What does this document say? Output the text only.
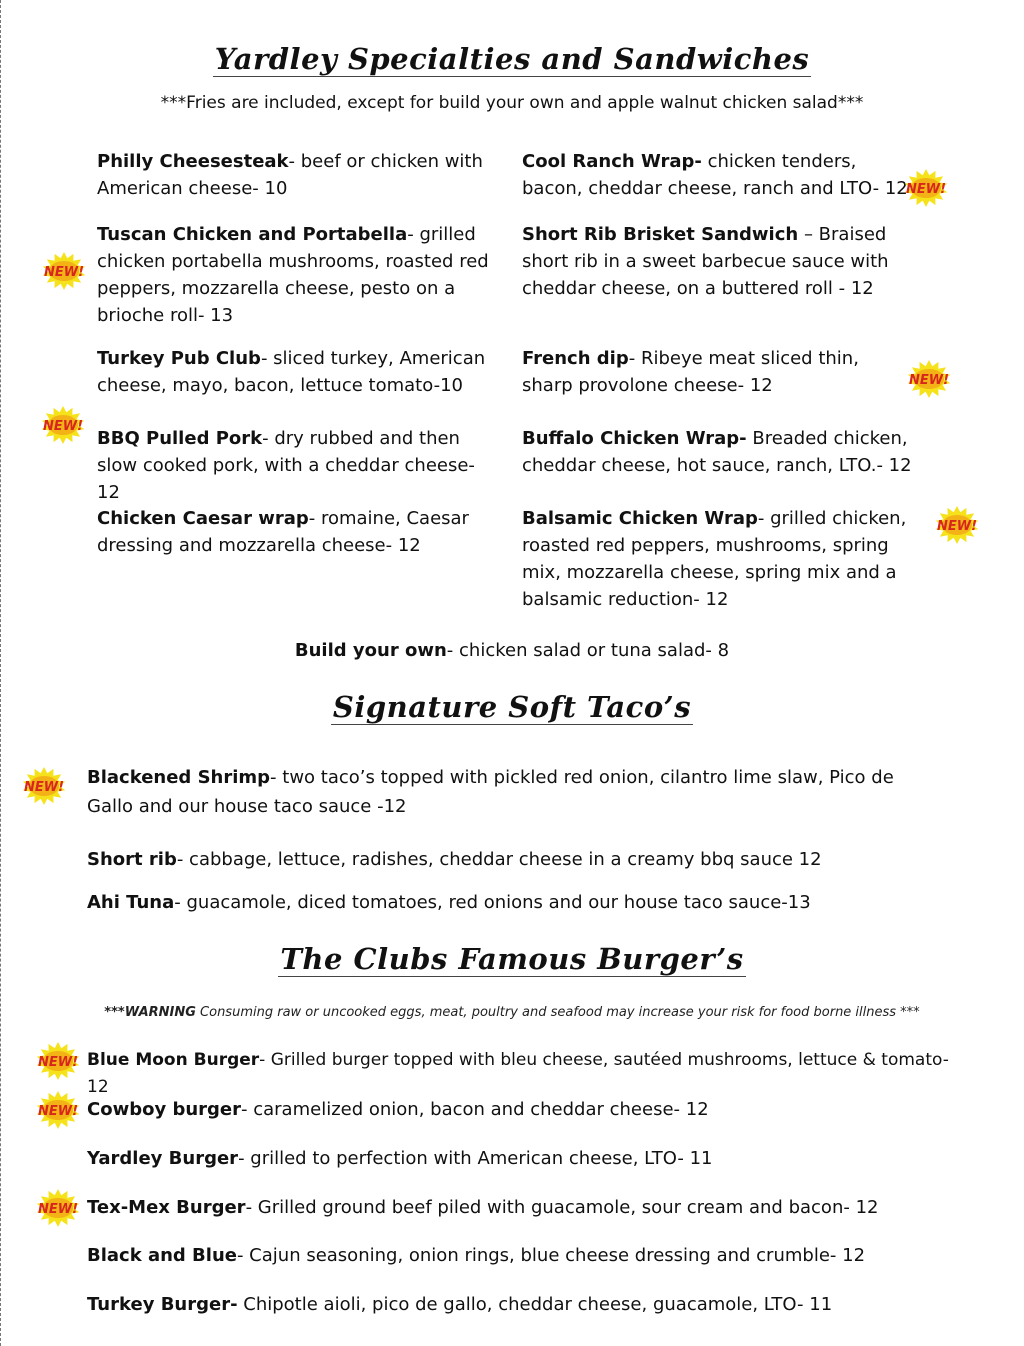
Yardley Specialties and Sandwiches
***Fries are included, except for build your own and apple walnut chicken salad***
Philly Cheesesteak- beef or chicken with American cheese- 10
Cool Ranch Wrap- chicken tenders, bacon, cheddar cheese, ranch and LTO- 12
Tuscan Chicken and Portabella- grilled chicken portabella mushrooms, roasted red peppers, mozzarella cheese, pesto on a brioche roll- 13
Short Rib Brisket Sandwich – Braised short rib in a sweet barbecue sauce with cheddar cheese, on a buttered roll - 12
Turkey Pub Club- sliced turkey, American cheese, mayo, bacon, lettuce tomato-10
French dip- Ribeye meat sliced thin, sharp provolone cheese- 12
BBQ Pulled Pork- dry rubbed and then slow cooked pork, with a cheddar cheese-12
Buffalo Chicken Wrap- Breaded chicken, cheddar cheese, hot sauce, ranch, LTO.- 12
Chicken Caesar wrap- romaine, Caesar dressing and mozzarella cheese- 12
Balsamic Chicken Wrap- grilled chicken, roasted red peppers, mushrooms, spring mix, mozzarella cheese, spring mix and a balsamic reduction- 12
Build your own- chicken salad or tuna salad- 8
Signature Soft Taco’s
Blackened Shrimp- two taco’s topped with pickled red onion, cilantro lime slaw, Pico de Gallo and our house taco sauce -12
Short rib- cabbage, lettuce, radishes, cheddar cheese in a creamy bbq sauce 12
Ahi Tuna- guacamole, diced tomatoes, red onions and our house taco sauce-13
The Clubs Famous Burger’s
***WARNING Consuming raw or uncooked eggs, meat, poultry and seafood may increase your risk for food borne illness ***
Blue Moon Burger- Grilled burger topped with bleu cheese, sautéed mushrooms, lettuce & tomato-12
Cowboy burger- caramelized onion, bacon and cheddar cheese- 12
Yardley Burger- grilled to perfection with American cheese, LTO- 11
Tex-Mex Burger- Grilled ground beef piled with guacamole, sour cream and bacon- 12
Black and Blue- Cajun seasoning, onion rings, blue cheese dressing and crumble- 12
Turkey Burger- Chipotle aioli, pico de gallo, cheddar cheese, guacamole, LTO- 11
NEW!
NEW!
NEW!
NEW!
NEW!
NEW!
NEW!
NEW!
NEW!
